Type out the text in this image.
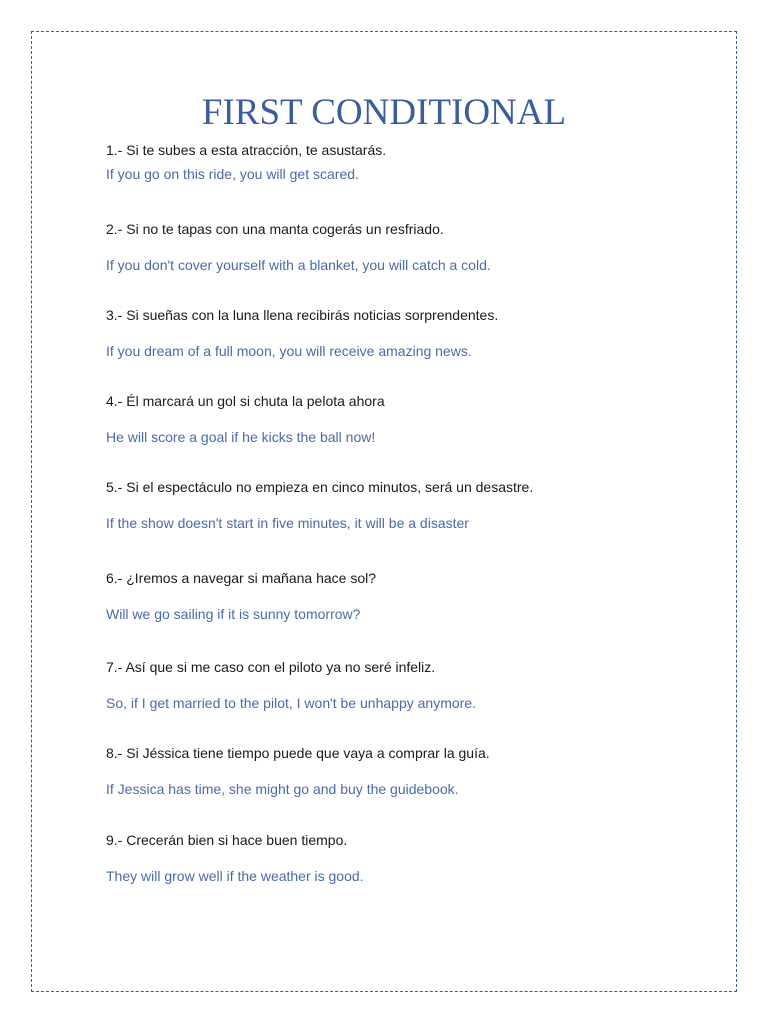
FIRST CONDITIONAL
1.- Si te subes a esta atracción, te asustarás.
If you go on this ride, you will get scared.
2.- Si no te tapas con una manta cogerás un resfriado.
If you don't cover yourself with a blanket, you will catch a cold.
3.- Si sueñas con la luna llena recibirás noticias sorprendentes.
If you dream of a full moon, you will receive amazing news.
4.- Él marcará un gol si chuta la pelota ahora
He will score a goal if he kicks the ball now!
5.- Si el espectáculo no empieza en cinco minutos, será un desastre.
If the show doesn't start in five minutes, it will be a disaster
6.- ¿Iremos a navegar si mañana hace sol?
Will we go sailing if it is sunny tomorrow?
7.- Así que si me caso con el piloto ya no seré infeliz.
So, if I get married to the pilot, I won't be unhappy anymore.
8.- Si Jéssica tiene tiempo puede que vaya a comprar la guía.
If Jessica has time, she might go and buy the guidebook.
9.- Crecerán bien si hace buen tiempo.
They will grow well if the weather is good.
